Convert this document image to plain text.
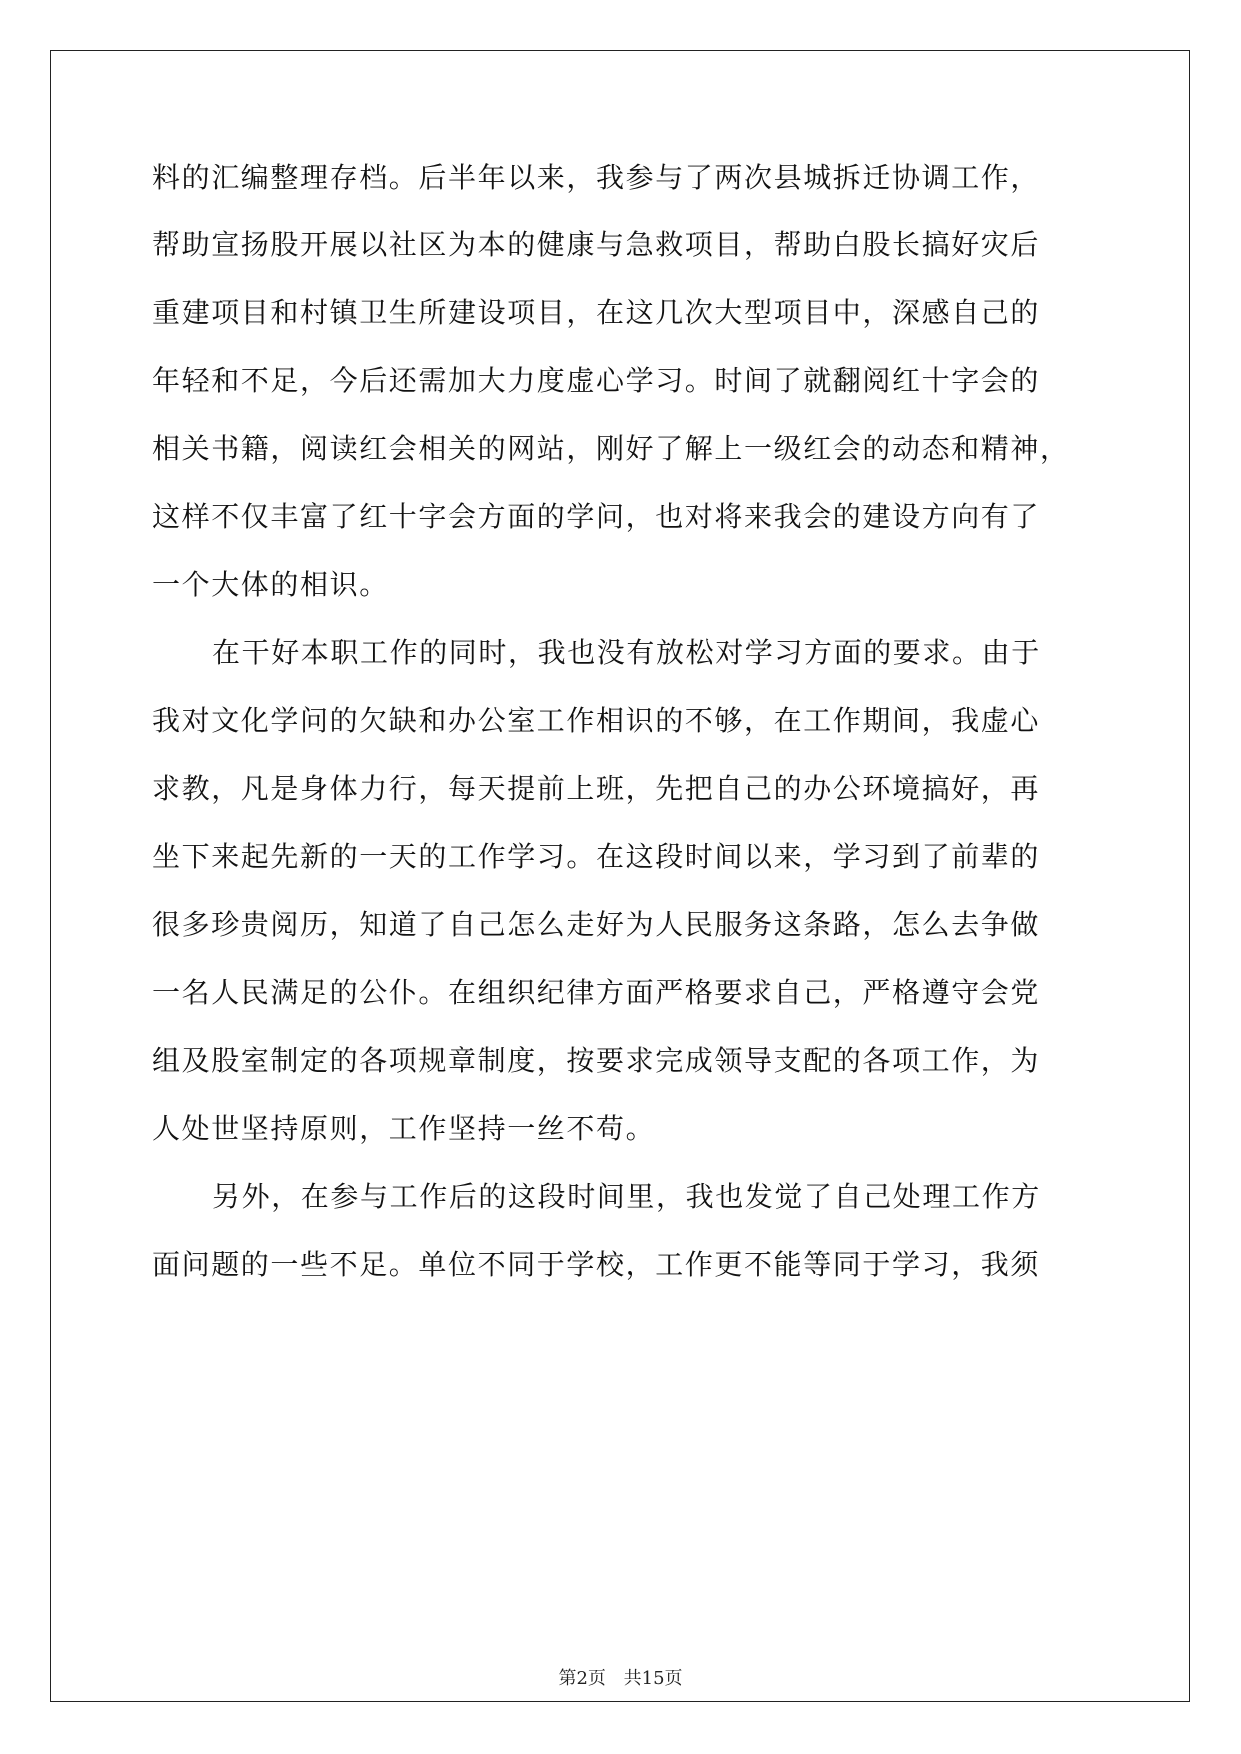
料的汇编整理存档。后半年以来，我参与了两次县城拆迁协调工作，
帮助宣扬股开展以社区为本的健康与急救项目，帮助白股长搞好灾后
重建项目和村镇卫生所建设项目，在这几次大型项目中，深感自己的
年轻和不足，今后还需加大力度虚心学习。时间了就翻阅红十字会的
相关书籍，阅读红会相关的网站，刚好了解上一级红会的动态和精神，
这样不仅丰富了红十字会方面的学问，也对将来我会的建设方向有了
一个大体的相识。
在干好本职工作的同时，我也没有放松对学习方面的要求。由于
我对文化学问的欠缺和办公室工作相识的不够，在工作期间，我虚心
求教，凡是身体力行，每天提前上班，先把自己的办公环境搞好，再
坐下来起先新的一天的工作学习。在这段时间以来，学习到了前辈的
很多珍贵阅历，知道了自己怎么走好为人民服务这条路，怎么去争做
一名人民满足的公仆。在组织纪律方面严格要求自己，严格遵守会党
组及股室制定的各项规章制度，按要求完成领导支配的各项工作，为
人处世坚持原则，工作坚持一丝不苟。
另外，在参与工作后的这段时间里，我也发觉了自己处理工作方
面问题的一些不足。单位不同于学校，工作更不能等同于学习，我须
第2页 共15页
